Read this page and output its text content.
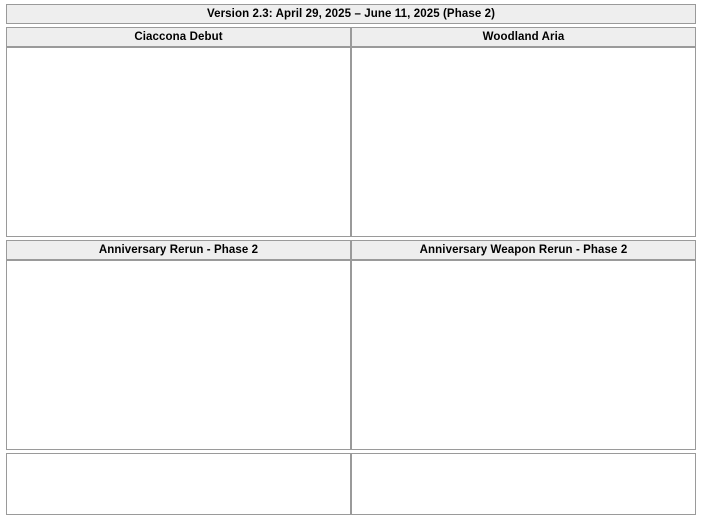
Version 2.3: April 29, 2025 – June 11, 2025 (Phase 2)	

Ciaccona Debut		Woodland Aria

Anniversary Rerun - Phase 2		Anniversary Weapon Rerun - Phase 2
